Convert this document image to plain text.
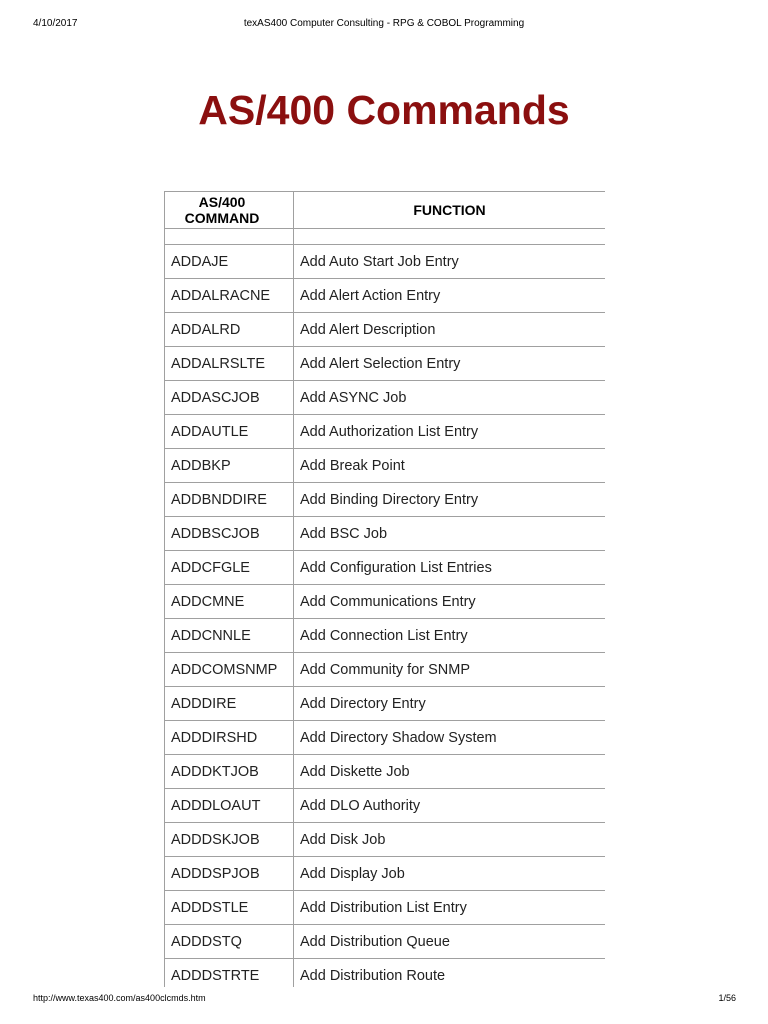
4/10/2017	texAS400 Computer Consulting - RPG & COBOL Programming
AS/400 Commands
AS/400 COMMAND	FUNCTION

ADDAJE	Add Auto Start Job Entry
ADDALRACNE	Add Alert Action Entry
ADDALRD	Add Alert Description
ADDALRSLTE	Add Alert Selection Entry
ADDASCJOB	Add ASYNC Job
ADDAUTLE	Add Authorization List Entry
ADDBKP	Add Break Point
ADDBNDDIRE	Add Binding Directory Entry
ADDBSCJOB	Add BSC Job
ADDCFGLE	Add Configuration List Entries
ADDCMNE	Add Communications Entry
ADDCNNLE	Add Connection List Entry
ADDCOMSNMP	Add Community for SNMP
ADDDIRE	Add Directory Entry
ADDDIRSHD	Add Directory Shadow System
ADDDKTJOB	Add Diskette Job
ADDDLOAUT	Add DLO Authority
ADDDSKJOB	Add Disk Job
ADDDSPJOB	Add Display Job
ADDDSTLE	Add Distribution List Entry
ADDDSTQ	Add Distribution Queue
ADDDSTRTE	Add Distribution Route
http://www.texas400.com/as400clcmds.htm	1/56
